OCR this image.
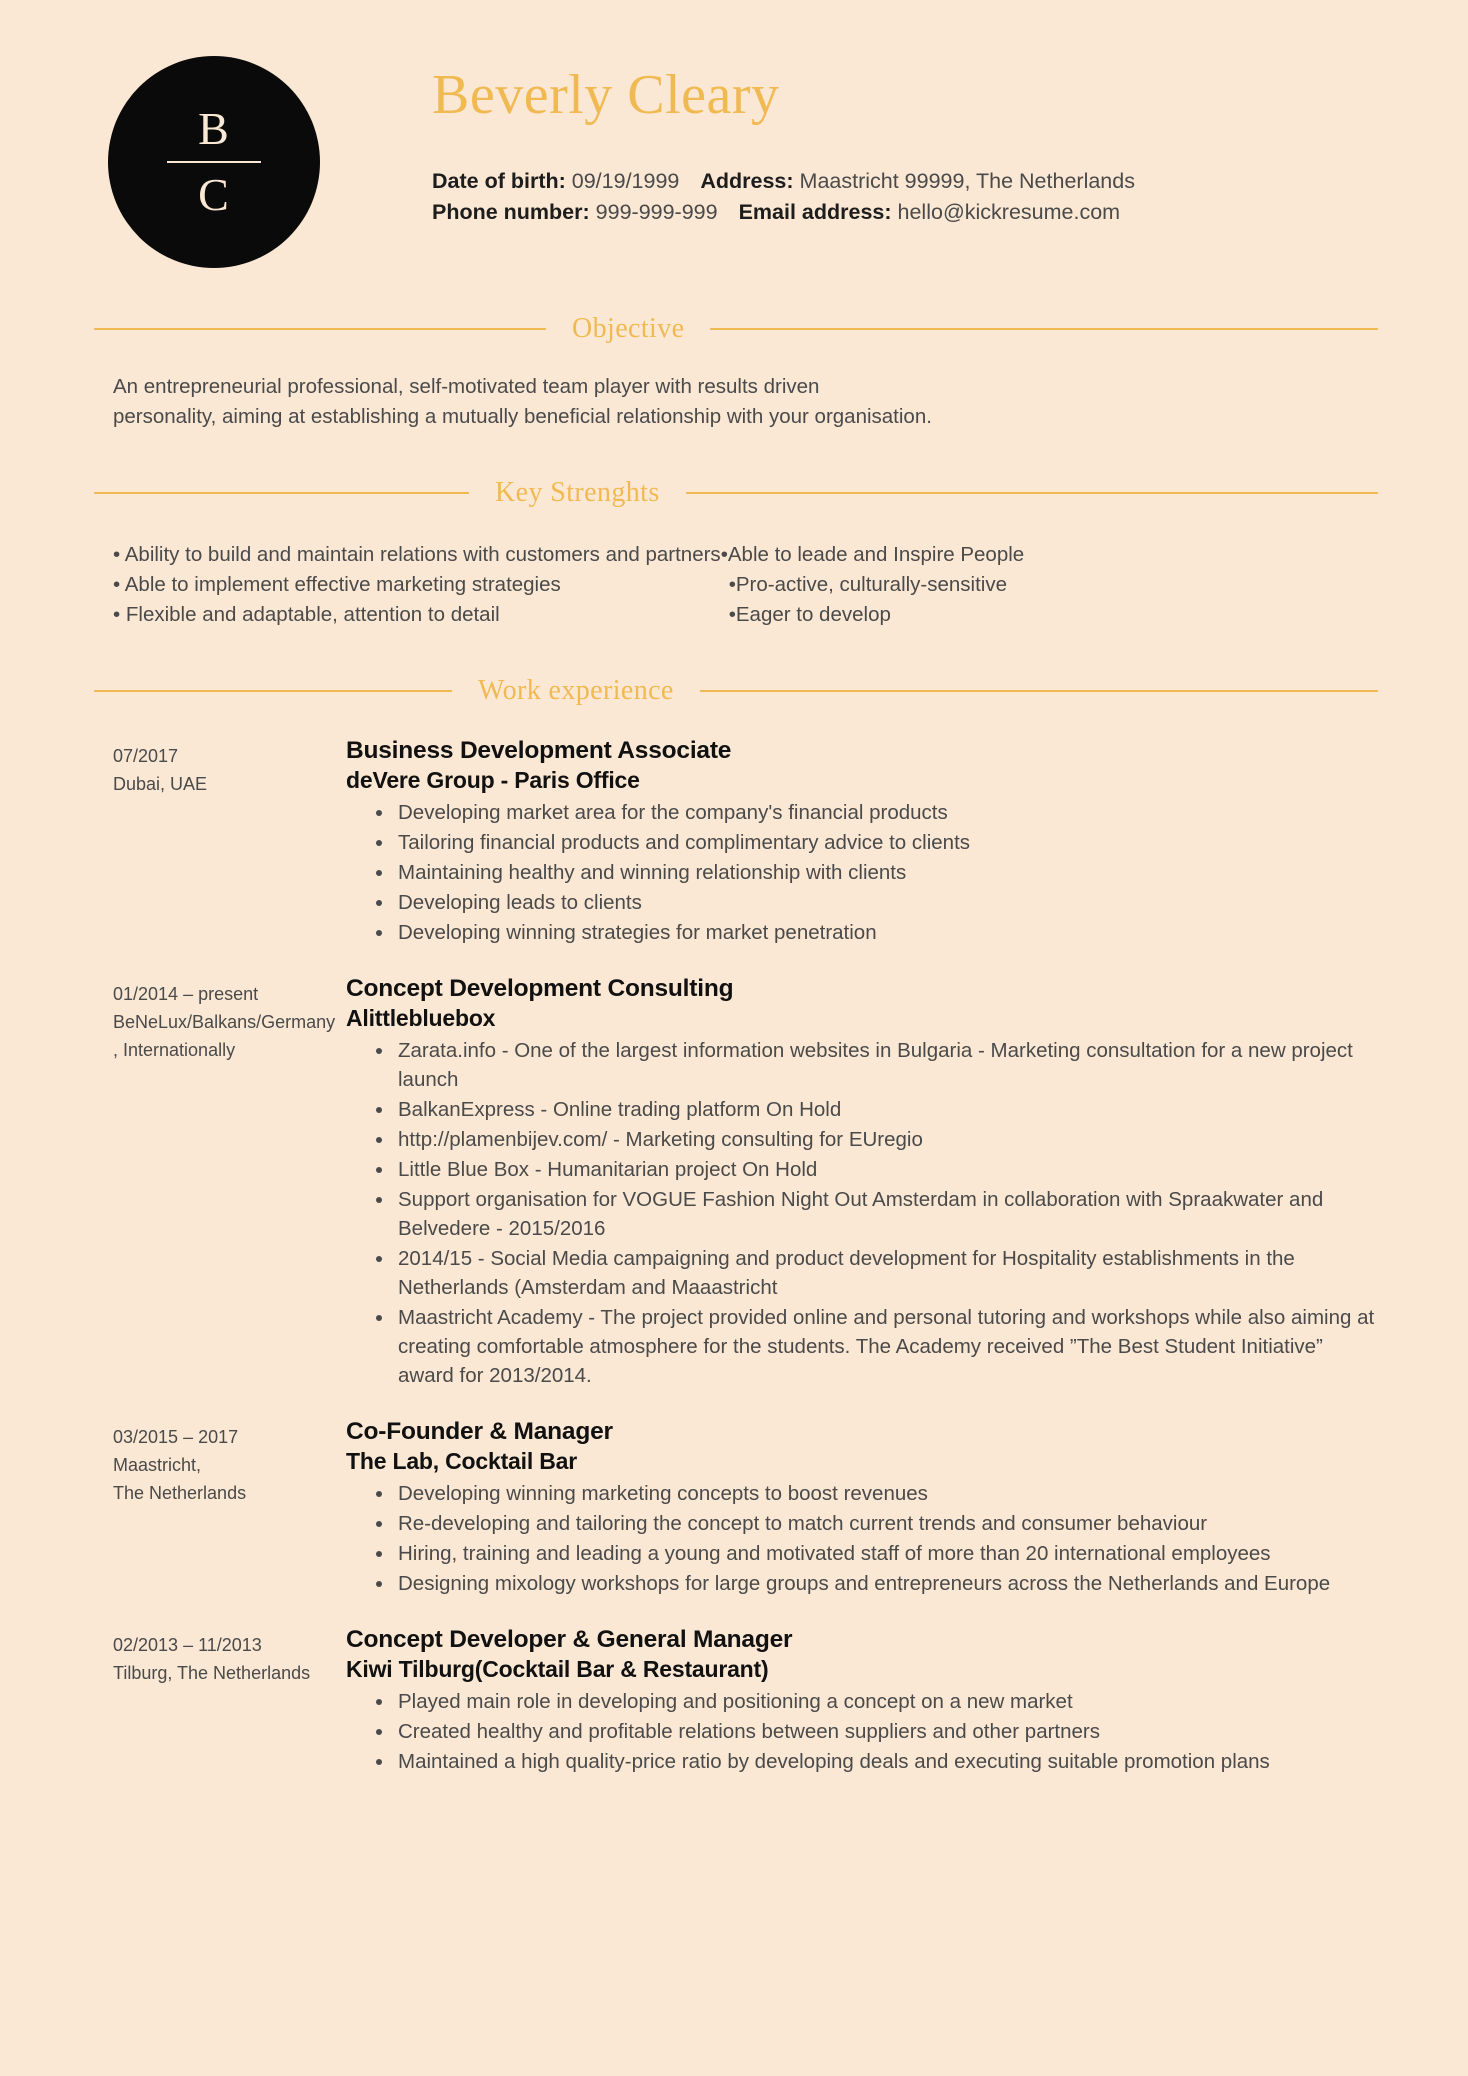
B
C
Beverly Cleary
Date of birth: 09/19/1999 Address: Maastricht 99999, The Netherlands
Phone number: 999-999-999 Email address: hello@kickresume.com
Objective

An entrepreneurial professional, self-motivated team player with results driven

personality, aiming at establishing a mutually beneficial relationship with your organisation.

Key Strenghts
• Ability to build and maintain relations with customers and partners
• Able to implement effective marketing strategies
• Flexible and adaptable, attention to detail
•Able to leade and Inspire People
•Pro-active, culturally-sensitive
•Eager to develop
Work experience
07/2017
Dubai, UAE
Business Development Associate
deVere Group - Paris Office
Developing market area for the company's financial products
Tailoring financial products and complimentary advice to clients
Maintaining healthy and winning relationship with clients
Developing leads to clients
Developing winning strategies for market penetration
01/2014 – present
BeNeLux/Balkans/Germany
, Internationally
Concept Development Consulting
Alittlebluebox
Zarata.info - One of the largest information websites in Bulgaria - Marketing consultation for a new project launch
BalkanExpress - Online trading platform On Hold
http://plamenbijev.com/ - Marketing consulting for EUregio
Little Blue Box - Humanitarian project On Hold
Support organisation for VOGUE Fashion Night Out Amsterdam in collaboration with Spraakwater and Belvedere - 2015/2016
2014/15 - Social Media campaigning and product development for Hospitality establishments in the Netherlands (Amsterdam and Maaastricht
Maastricht Academy - The project provided online and personal tutoring and workshops while also aiming at creating comfortable atmosphere for the students. The Academy received ”The Best Student Initiative” award for 2013/2014.
03/2015 – 2017
Maastricht,
The Netherlands
Co-Founder & Manager
The Lab, Cocktail Bar
Developing winning marketing concepts to boost revenues
Re-developing and tailoring the concept to match current trends and consumer behaviour
Hiring, training and leading a young and motivated staff of more than 20 international employees
Designing mixology workshops for large groups and entrepreneurs across the Netherlands and Europe
02/2013 – 11/2013
Tilburg, The Netherlands
Concept Developer & General Manager
Kiwi Tilburg(Cocktail Bar & Restaurant)
Played main role in developing and positioning a concept on a new market
Created healthy and profitable relations between suppliers and other partners
Maintained a high quality-price ratio by developing deals and executing suitable promotion plans
